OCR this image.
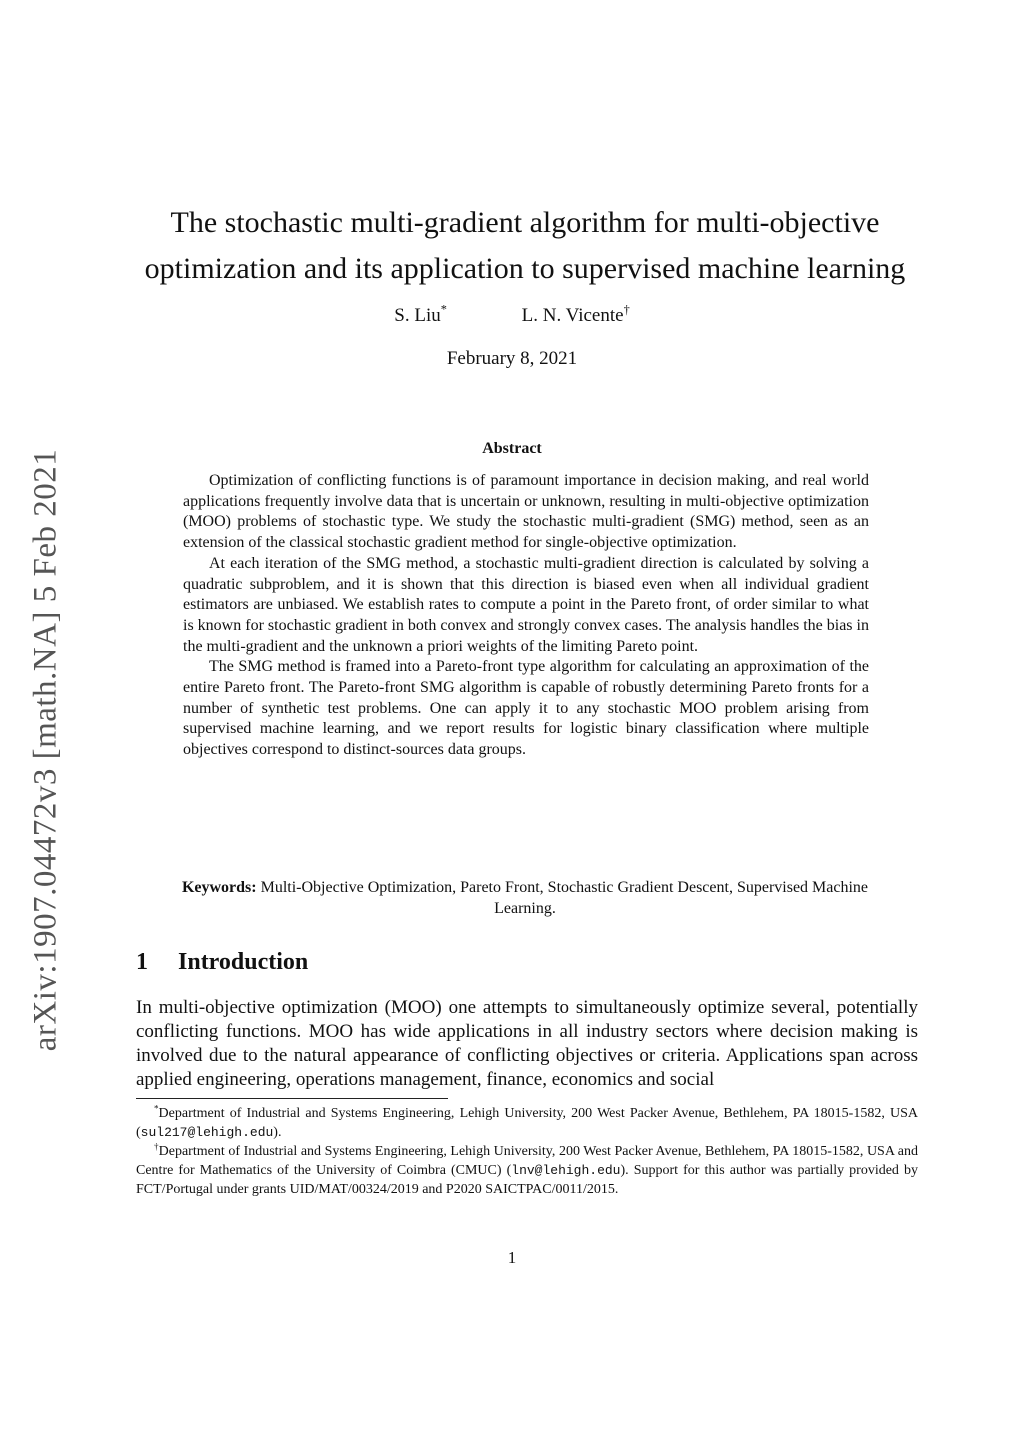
arXiv:1907.04472v3 [math.NA] 5 Feb 2021
The stochastic multi-gradient algorithm for multi-objective optimization and its application to supervised machine learning
S. Liu*	L. N. Vicente†
February 8, 2021
Abstract

Optimization of conflicting functions is of paramount importance in decision making, and real world applications frequently involve data that is uncertain or unknown, resulting in multi-objective optimization (MOO) problems of stochastic type. We study the stochastic multi-gradient (SMG) method, seen as an extension of the classical stochastic gradient method for single-objective optimization.

At each iteration of the SMG method, a stochastic multi-gradient direction is calculated by solving a quadratic subproblem, and it is shown that this direction is biased even when all individual gradient estimators are unbiased. We establish rates to compute a point in the Pareto front, of order similar to what is known for stochastic gradient in both convex and strongly convex cases. The analysis handles the bias in the multi-gradient and the unknown a priori weights of the limiting Pareto point.

The SMG method is framed into a Pareto-front type algorithm for calculating an approximation of the entire Pareto front. The Pareto-front SMG algorithm is capable of robustly determining Pareto fronts for a number of synthetic test problems. One can apply it to any stochastic MOO problem arising from supervised machine learning, and we report results for logistic binary classification where multiple objectives correspond to distinct-sources data groups.

Keywords: Multi-Objective Optimization, Pareto Front, Stochastic Gradient Descent, Supervised Machine Learning.
1 Introduction

In multi-objective optimization (MOO) one attempts to simultaneously optimize several, potentially conflicting functions. MOO has wide applications in all industry sectors where decision making is involved due to the natural appearance of conflicting objectives or criteria. Applications span across applied engineering, operations management, finance, economics and social

*Department of Industrial and Systems Engineering, Lehigh University, 200 West Packer Avenue, Bethlehem, PA 18015-1582, USA (sul217@lehigh.edu).

†Department of Industrial and Systems Engineering, Lehigh University, 200 West Packer Avenue, Bethlehem, PA 18015-1582, USA and Centre for Mathematics of the University of Coimbra (CMUC) (lnv@lehigh.edu). Support for this author was partially provided by FCT/Portugal under grants UID/MAT/00324/2019 and P2020 SAICTPAC/0011/2015.

1
